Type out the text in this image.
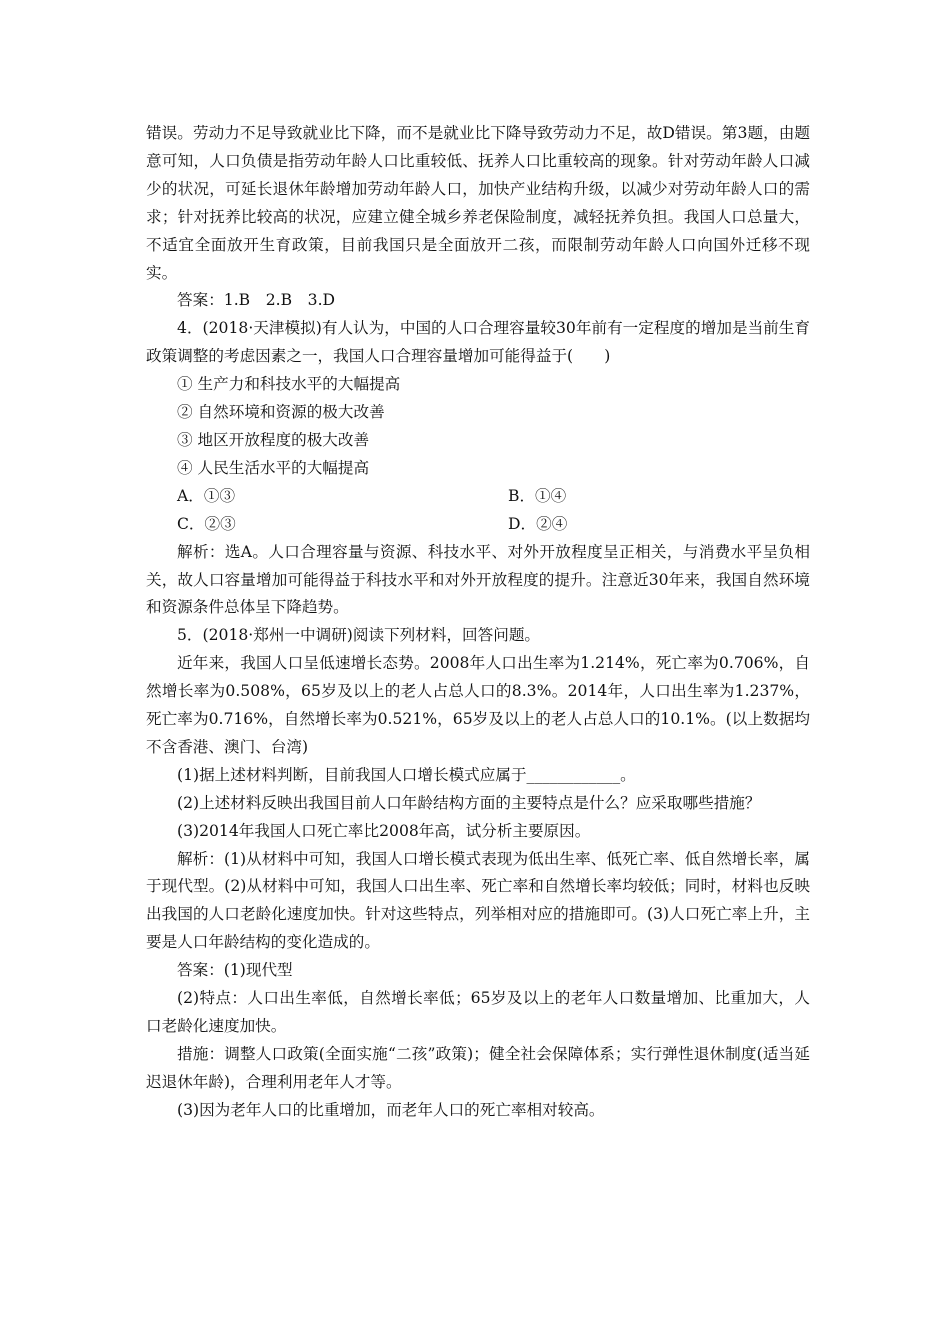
错误。劳动力不足导致就业比下降，而不是就业比下降导致劳动力不足，故D错误。第3题，由题意可知，人口负债是指劳动年龄人口比重较低、抚养人口比重较高的现象。针对劳动年龄人口减少的状况，可延长退休年龄增加劳动年龄人口，加快产业结构升级，以减少对劳动年龄人口的需求；针对抚养比较高的状况，应建立健全城乡养老保险制度，减轻抚养负担。我国人口总量大，不适宜全面放开生育政策，目前我国只是全面放开二孩，而限制劳动年龄人口向国外迁移不现实。

答案：1.B　2.B　3.D

4．(2018·天津模拟)有人认为，中国的人口合理容量较30年前有一定程度的增加是当前生育政策调整的考虑因素之一，我国人口合理容量增加可能得益于(　　)

① 生产力和科技水平的大幅提高

② 自然环境和资源的极大改善

③ 地区开放程度的极大改善

④ 人民生活水平的大幅提高

A．①③	B．①④
C．②③	D．②④

解析：选A。人口合理容量与资源、科技水平、对外开放程度呈正相关，与消费水平呈负相关，故人口容量增加可能得益于科技水平和对外开放程度的提升。注意近30年来，我国自然环境和资源条件总体呈下降趋势。

5．(2018·郑州一中调研)阅读下列材料，回答问题。

近年来，我国人口呈低速增长态势。2008年人口出生率为1.214%，死亡率为0.706%，自然增长率为0.508%，65岁及以上的老人占总人口的8.3%。2014年，人口出生率为1.237%，死亡率为0.716%，自然增长率为0.521%，65岁及以上的老人占总人口的10.1%。(以上数据均不含香港、澳门、台湾)

(1)据上述材料判断，目前我国人口增长模式应属于____________。

(2)上述材料反映出我国目前人口年龄结构方面的主要特点是什么？应采取哪些措施？

(3)2014年我国人口死亡率比2008年高，试分析主要原因。

解析：(1)从材料中可知，我国人口增长模式表现为低出生率、低死亡率、低自然增长率，属于现代型。(2)从材料中可知，我国人口出生率、死亡率和自然增长率均较低；同时，材料也反映出我国的人口老龄化速度加快。针对这些特点，列举相对应的措施即可。(3)人口死亡率上升，主要是人口年龄结构的变化造成的。

答案：(1)现代型

(2)特点：人口出生率低，自然增长率低；65岁及以上的老年人口数量增加、比重加大，人口老龄化速度加快。

措施：调整人口政策(全面实施“二孩”政策)；健全社会保障体系；实行弹性退休制度(适当延迟退休年龄)，合理利用老年人才等。

(3)因为老年人口的比重增加，而老年人口的死亡率相对较高。
